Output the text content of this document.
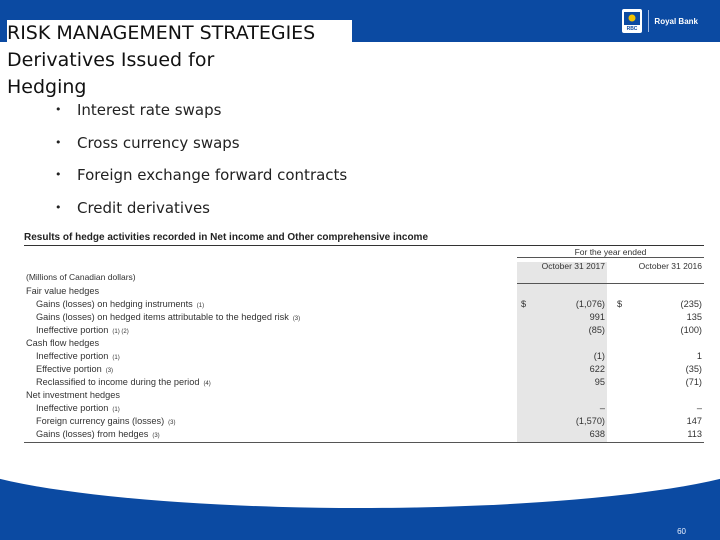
RBC
Royal Bank
RISK MANAGEMENT STRATEGIES
Derivatives Issued for
Hedging
•	Interest rate swaps
•	Cross currency swaps
•	Foreign exchange forward contracts
•	Credit derivatives
Results of hedge activities recorded in Net income and Other comprehensive income
For the year ended
October 31 2017	October 31 2016
(Millions of Canadian dollars)
Fair value hedges
Gains (losses) on hedging instruments (1)	$	(1,076) $	(235)
Gains (losses) on hedged items attributable to the hedged risk (3)	991	135
Ineffective portion (1) (2)	(85)	(100)
Cash flow hedges
Ineffective portion (1)	(1)	1
Effective portion (3)	622	(35)
Reclassified to income during the period (4)	95	(71)
Net investment hedges
Ineffective portion (1)	–	–
Foreign currency gains (losses) (3)	(1,570)	147
Gains (losses) from hedges (3)	638	113
60
